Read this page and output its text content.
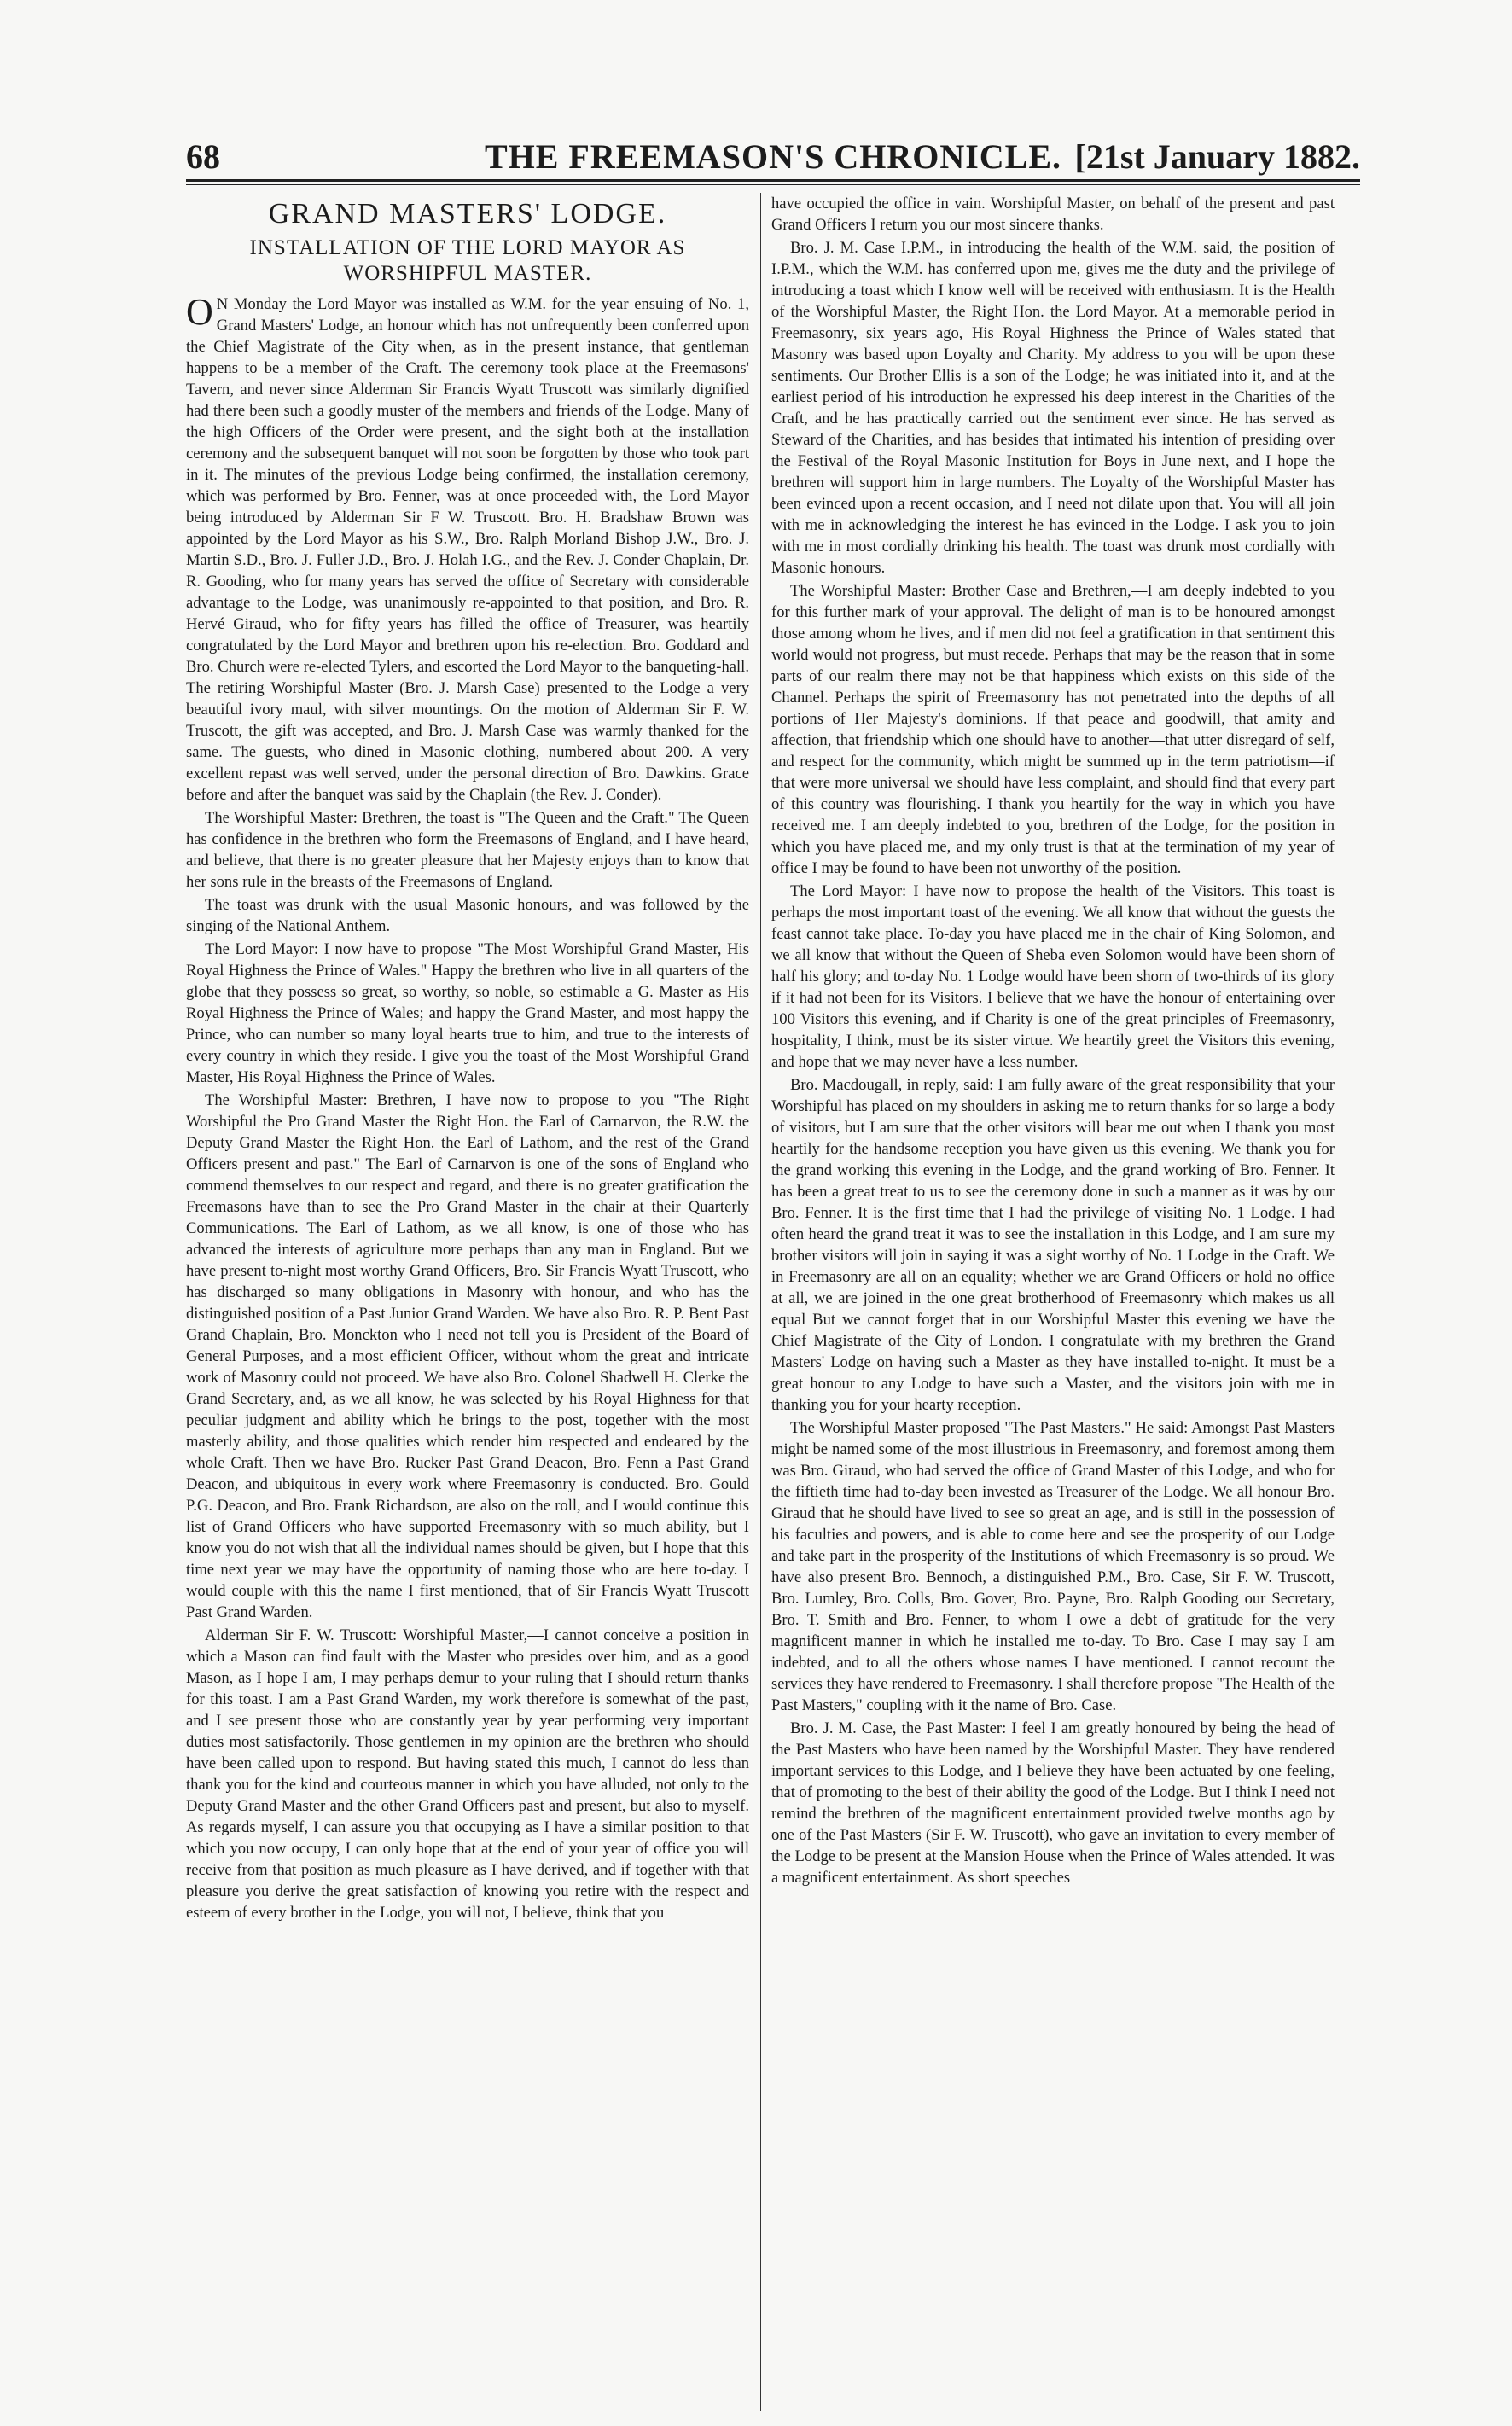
68	THE FREEMASON'S CHRONICLE. [21st January 1882.
GRAND MASTERS' LODGE.
INSTALLATION OF THE LORD MAYOR AS WORSHIPFUL MASTER.

O N Monday the Lord Mayor was installed as W.M. for the year ensuing of No. 1, Grand Masters' Lodge, an honour which has not unfrequently been conferred upon the Chief Magistrate of the City when, as in the present instance, that gentleman happens to be a member of the Craft. The ceremony took place at the Freemasons' Tavern, and never since Alderman Sir Francis Wyatt Truscott was similarly dignified had there been such a goodly muster of the members and friends of the Lodge. Many of the high Officers of the Order were present, and the sight both at the installation ceremony and the subsequent banquet will not soon be forgotten by those who took part in it. The minutes of the previous Lodge being confirmed, the installation ceremony, which was performed by Bro. Fenner, was at once proceeded with, the Lord Mayor being introduced by Alderman Sir F W. Truscott. Bro. H. Bradshaw Brown was appointed by the Lord Mayor as his S.W., Bro. Ralph Morland Bishop J.W., Bro. J. Martin S.D., Bro. J. Fuller J.D., Bro. J. Holah I.G., and the Rev. J. Conder Chaplain, Dr. R. Gooding, who for many years has served the office of Secretary with considerable advantage to the Lodge, was unanimously re-appointed to that position, and Bro. R. Hervé Giraud, who for fifty years has filled the office of Treasurer, was heartily congratulated by the Lord Mayor and brethren upon his re-election. Bro. Goddard and Bro. Church were re-elected Tylers, and escorted the Lord Mayor to the banqueting-hall. The retiring Worshipful Master (Bro. J. Marsh Case) presented to the Lodge a very beautiful ivory maul, with silver mountings. On the motion of Alderman Sir F. W. Truscott, the gift was accepted, and Bro. J. Marsh Case was warmly thanked for the same. The guests, who dined in Masonic clothing, numbered about 200. A very excellent repast was well served, under the personal direction of Bro. Dawkins. Grace before and after the banquet was said by the Chaplain (the Rev. J. Conder).

The Worshipful Master: Brethren, the toast is "The Queen and the Craft." The Queen has confidence in the brethren who form the Freemasons of England, and I have heard, and believe, that there is no greater pleasure that her Majesty enjoys than to know that her sons rule in the breasts of the Freemasons of England.

The toast was drunk with the usual Masonic honours, and was followed by the singing of the National Anthem.

The Lord Mayor: I now have to propose "The Most Worshipful Grand Master, His Royal Highness the Prince of Wales." Happy the brethren who live in all quarters of the globe that they possess so great, so worthy, so noble, so estimable a G. Master as His Royal Highness the Prince of Wales; and happy the Grand Master, and most happy the Prince, who can number so many loyal hearts true to him, and true to the interests of every country in which they reside. I give you the toast of the Most Worshipful Grand Master, His Royal Highness the Prince of Wales.

The Worshipful Master: Brethren, I have now to propose to you "The Right Worshipful the Pro Grand Master the Right Hon. the Earl of Carnarvon, the R.W. the Deputy Grand Master the Right Hon. the Earl of Lathom, and the rest of the Grand Officers present and past." The Earl of Carnarvon is one of the sons of England who commend themselves to our respect and regard, and there is no greater gratification the Freemasons have than to see the Pro Grand Master in the chair at their Quarterly Communications. The Earl of Lathom, as we all know, is one of those who has advanced the interests of agriculture more perhaps than any man in England. But we have present to-night most worthy Grand Officers, Bro. Sir Francis Wyatt Truscott, who has discharged so many obligations in Masonry with honour, and who has the distinguished position of a Past Junior Grand Warden. We have also Bro. R. P. Bent Past Grand Chaplain, Bro. Monckton who I need not tell you is President of the Board of General Purposes, and a most efficient Officer, without whom the great and intricate work of Masonry could not proceed. We have also Bro. Colonel Shadwell H. Clerke the Grand Secretary, and, as we all know, he was selected by his Royal Highness for that peculiar judgment and ability which he brings to the post, together with the most masterly ability, and those qualities which render him respected and endeared by the whole Craft. Then we have Bro. Rucker Past Grand Deacon, Bro. Fenn a Past Grand Deacon, and ubiquitous in every work where Freemasonry is conducted. Bro. Gould P.G. Deacon, and Bro. Frank Richardson, are also on the roll, and I would continue this list of Grand Officers who have supported Freemasonry with so much ability, but I know you do not wish that all the individual names should be given, but I hope that this time next year we may have the opportunity of naming those who are here to-day. I would couple with this the name I first mentioned, that of Sir Francis Wyatt Truscott Past Grand Warden.

Alderman Sir F. W. Truscott: Worshipful Master,—I cannot conceive a position in which a Mason can find fault with the Master who presides over him, and as a good Mason, as I hope I am, I may perhaps demur to your ruling that I should return thanks for this toast. I am a Past Grand Warden, my work therefore is somewhat of the past, and I see present those who are constantly year by year performing very important duties most satisfactorily. Those gentlemen in my opinion are the brethren who should have been called upon to respond. But having stated this much, I cannot do less than thank you for the kind and courteous manner in which you have alluded, not only to the Deputy Grand Master and the other Grand Officers past and present, but also to myself. As regards myself, I can assure you that occupying as I have a similar position to that which you now occupy, I can only hope that at the end of your year of office you will receive from that position as much pleasure as I have derived, and if together with that pleasure you derive the great satisfaction of knowing you retire with the respect and esteem of every brother in the Lodge, you will not, I believe, think that you

have occupied the office in vain. Worshipful Master, on behalf of the present and past Grand Officers I return you our most sincere thanks.

Bro. J. M. Case I.P.M., in introducing the health of the W.M. said, the position of I.P.M., which the W.M. has conferred upon me, gives me the duty and the privilege of introducing a toast which I know well will be received with enthusiasm. It is the Health of the Worshipful Master, the Right Hon. the Lord Mayor. At a memorable period in Freemasonry, six years ago, His Royal Highness the Prince of Wales stated that Masonry was based upon Loyalty and Charity. My address to you will be upon these sentiments. Our Brother Ellis is a son of the Lodge; he was initiated into it, and at the earliest period of his introduction he expressed his deep interest in the Charities of the Craft, and he has practically carried out the sentiment ever since. He has served as Steward of the Charities, and has besides that intimated his intention of presiding over the Festival of the Royal Masonic Institution for Boys in June next, and I hope the brethren will support him in large numbers. The Loyalty of the Worshipful Master has been evinced upon a recent occasion, and I need not dilate upon that. You will all join with me in acknowledging the interest he has evinced in the Lodge. I ask you to join with me in most cordially drinking his health. The toast was drunk most cordially with Masonic honours.

The Worshipful Master: Brother Case and Brethren,—I am deeply indebted to you for this further mark of your approval. The delight of man is to be honoured amongst those among whom he lives, and if men did not feel a gratification in that sentiment this world would not progress, but must recede. Perhaps that may be the reason that in some parts of our realm there may not be that happiness which exists on this side of the Channel. Perhaps the spirit of Freemasonry has not penetrated into the depths of all portions of Her Majesty's dominions. If that peace and goodwill, that amity and affection, that friendship which one should have to another—that utter disregard of self, and respect for the community, which might be summed up in the term patriotism—if that were more universal we should have less complaint, and should find that every part of this country was flourishing. I thank you heartily for the way in which you have received me. I am deeply indebted to you, brethren of the Lodge, for the position in which you have placed me, and my only trust is that at the termination of my year of office I may be found to have been not unworthy of the position.

The Lord Mayor: I have now to propose the health of the Visitors. This toast is perhaps the most important toast of the evening. We all know that without the guests the feast cannot take place. To-day you have placed me in the chair of King Solomon, and we all know that without the Queen of Sheba even Solomon would have been shorn of half his glory; and to-day No. 1 Lodge would have been shorn of two-thirds of its glory if it had not been for its Visitors. I believe that we have the honour of entertaining over 100 Visitors this evening, and if Charity is one of the great principles of Freemasonry, hospitality, I think, must be its sister virtue. We heartily greet the Visitors this evening, and hope that we may never have a less number.

Bro. Macdougall, in reply, said: I am fully aware of the great responsibility that your Worshipful has placed on my shoulders in asking me to return thanks for so large a body of visitors, but I am sure that the other visitors will bear me out when I thank you most heartily for the handsome reception you have given us this evening. We thank you for the grand working this evening in the Lodge, and the grand working of Bro. Fenner. It has been a great treat to us to see the ceremony done in such a manner as it was by our Bro. Fenner. It is the first time that I had the privilege of visiting No. 1 Lodge. I had often heard the grand treat it was to see the installation in this Lodge, and I am sure my brother visitors will join in saying it was a sight worthy of No. 1 Lodge in the Craft. We in Freemasonry are all on an equality; whether we are Grand Officers or hold no office at all, we are joined in the one great brotherhood of Freemasonry which makes us all equal But we cannot forget that in our Worshipful Master this evening we have the Chief Magistrate of the City of London. I congratulate with my brethren the Grand Masters' Lodge on having such a Master as they have installed to-night. It must be a great honour to any Lodge to have such a Master, and the visitors join with me in thanking you for your hearty reception.

The Worshipful Master proposed "The Past Masters." He said: Amongst Past Masters might be named some of the most illustrious in Freemasonry, and foremost among them was Bro. Giraud, who had served the office of Grand Master of this Lodge, and who for the fiftieth time had to-day been invested as Treasurer of the Lodge. We all honour Bro. Giraud that he should have lived to see so great an age, and is still in the possession of his faculties and powers, and is able to come here and see the prosperity of our Lodge and take part in the prosperity of the Institutions of which Freemasonry is so proud. We have also present Bro. Bennoch, a distinguished P.M., Bro. Case, Sir F. W. Truscott, Bro. Lumley, Bro. Colls, Bro. Gover, Bro. Payne, Bro. Ralph Gooding our Secretary, Bro. T. Smith and Bro. Fenner, to whom I owe a debt of gratitude for the very magnificent manner in which he installed me to-day. To Bro. Case I may say I am indebted, and to all the others whose names I have mentioned. I cannot recount the services they have rendered to Freemasonry. I shall therefore propose "The Health of the Past Masters," coupling with it the name of Bro. Case.

Bro. J. M. Case, the Past Master: I feel I am greatly honoured by being the head of the Past Masters who have been named by the Worshipful Master. They have rendered important services to this Lodge, and I believe they have been actuated by one feeling, that of promoting to the best of their ability the good of the Lodge. But I think I need not remind the brethren of the magnificent entertainment provided twelve months ago by one of the Past Masters (Sir F. W. Truscott), who gave an invitation to every member of the Lodge to be present at the Mansion House when the Prince of Wales attended. It was a magnificent entertainment. As short speeches
